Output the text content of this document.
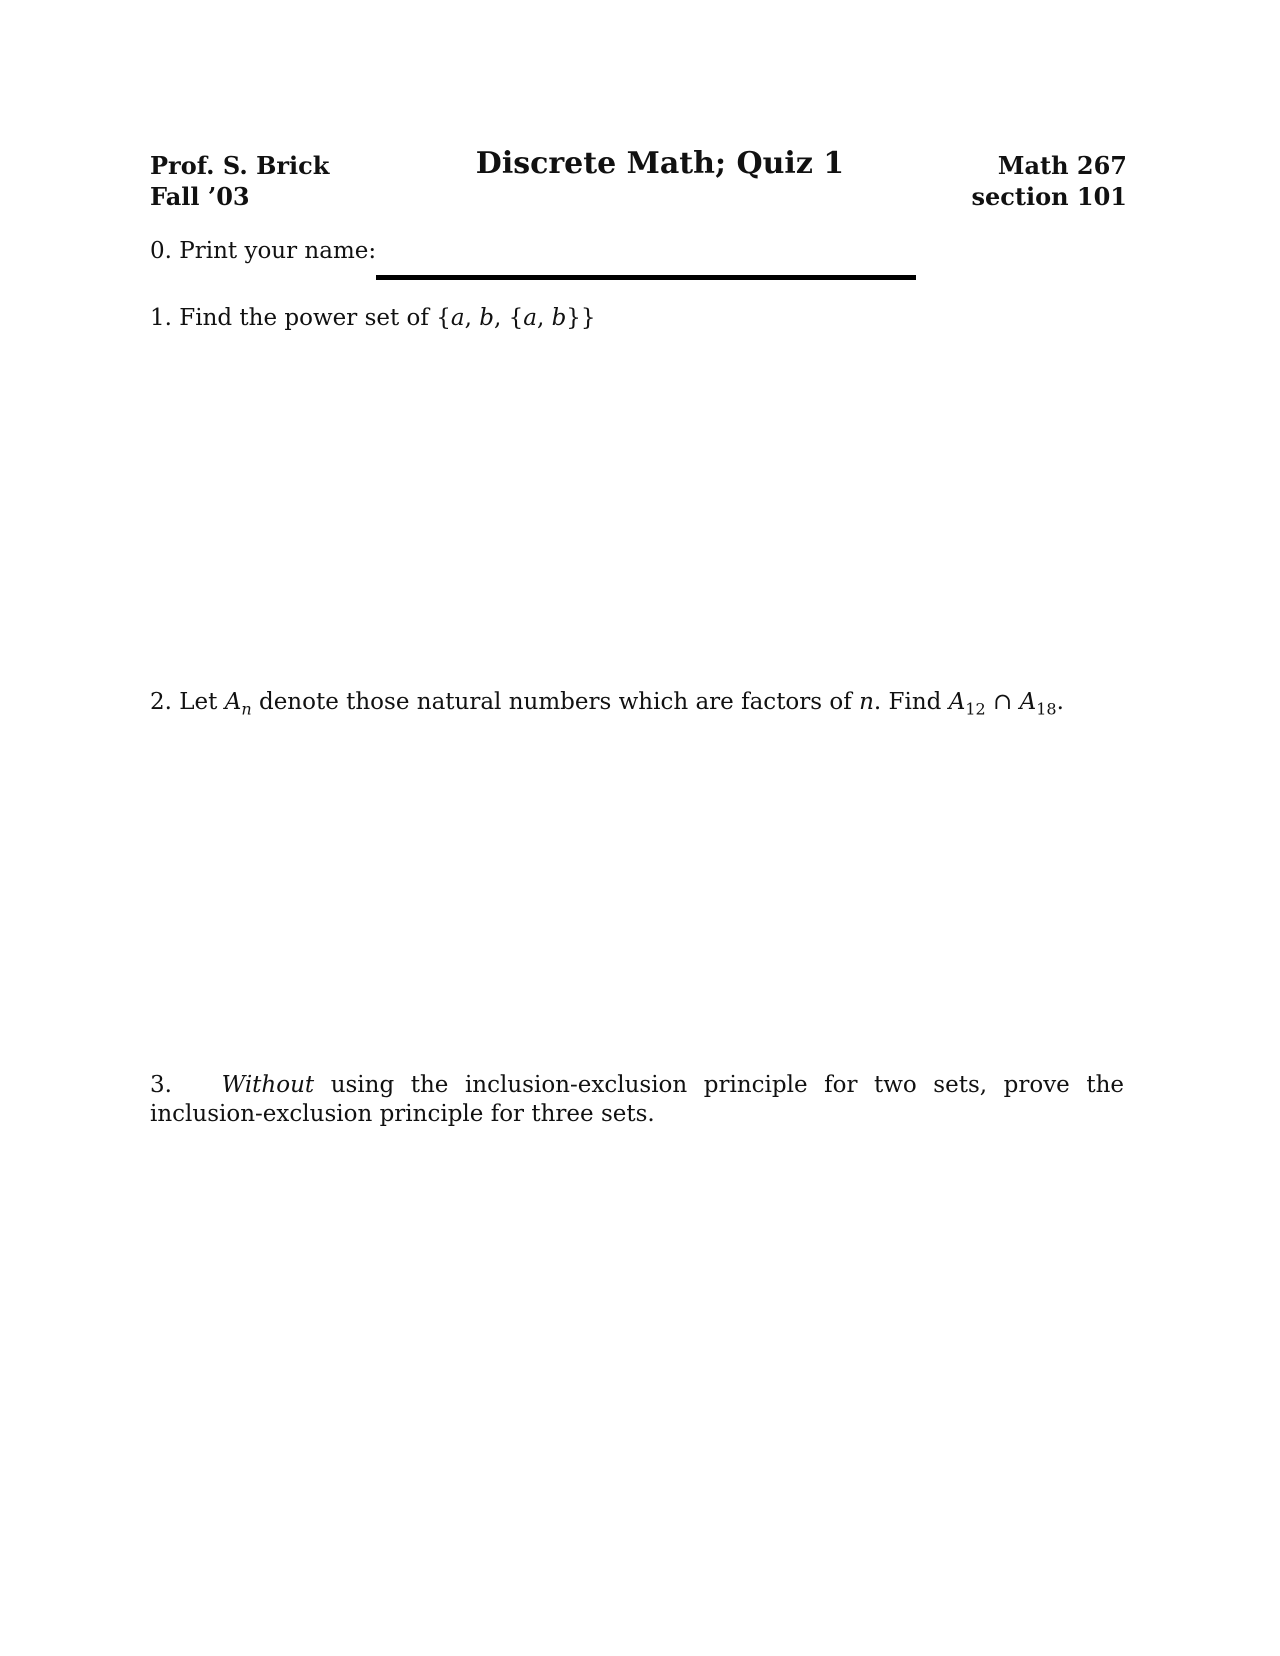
Prof. S. Brick
Fall ’03
Discrete Math; Quiz 1	Math 267
section 101
0. Print your name:
1. Find the power set of {a, b, {a, b}}
2. Let $A_n$ denote those natural numbers which are factors of n. Find $A_{12}$ ∩ $A_{18}$.
3. Without using the inclusion-exclusion principle for two sets, prove the inclusion-exclusion principle for three sets.
